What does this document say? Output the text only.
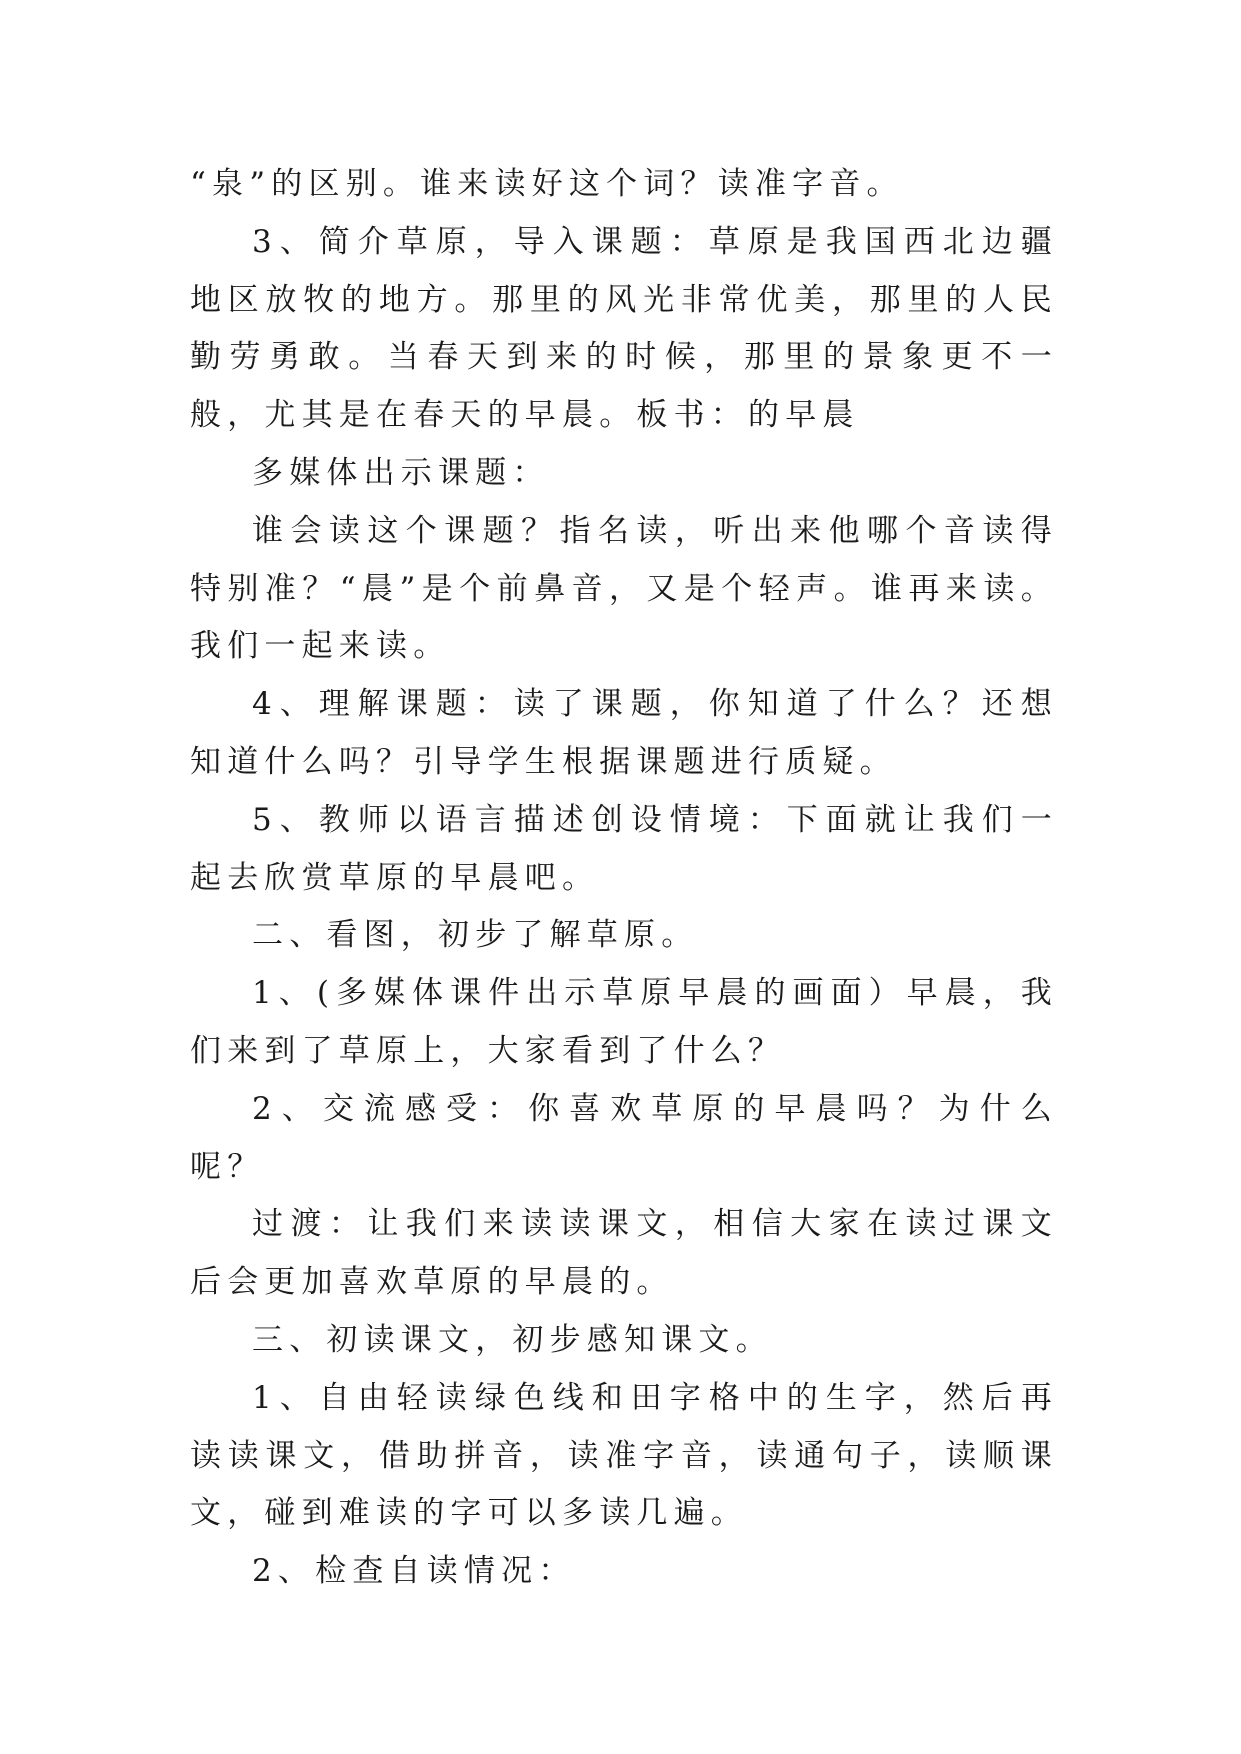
“泉”的区别。谁来读好这个词？读准字音。

3、简介草原，导入课题：草原是我国西北边疆地区放牧的地方。那里的风光非常优美，那里的人民勤劳勇敢。当春天到来的时候，那里的景象更不一般，尤其是在春天的早晨。板书：的早晨

多媒体出示课题：

谁会读这个课题？指名读，听出来他哪个音读得特别准？“晨”是个前鼻音，又是个轻声。谁再来读。我们一起来读。

4、理解课题：读了课题，你知道了什么？还想知道什么吗？引导学生根据课题进行质疑。

5、教师以语言描述创设情境：下面就让我们一起去欣赏草原的早晨吧。

二、看图，初步了解草原。

1、(多媒体课件出示草原早晨的画面）早晨，我们来到了草原上，大家看到了什么？

2、交流感受：你喜欢草原的早晨吗？为什么呢？

过渡：让我们来读读课文，相信大家在读过课文后会更加喜欢草原的早晨的。

三、初读课文，初步感知课文。

1、自由轻读绿色线和田字格中的生字，然后再读读课文，借助拼音，读准字音，读通句子，读顺课文，碰到难读的字可以多读几遍。

2、检查自读情况：
